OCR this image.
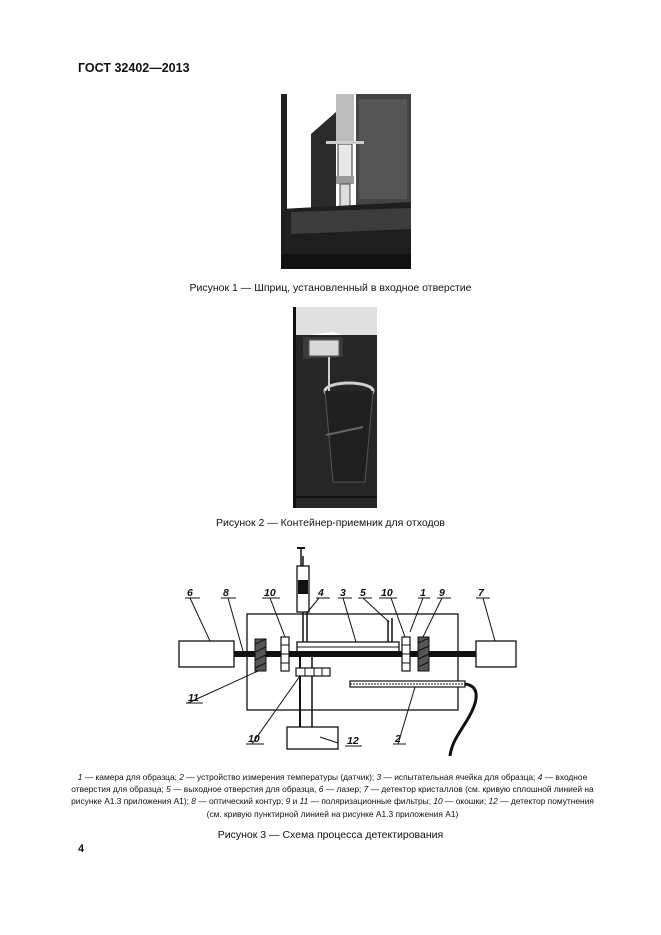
ГОСТ 32402—2013
Рисунок 1 — Шприц, установленный в входное отверстие
Рисунок 2 — Контейнер-приемник для отходов
6	8	10	4 3 5 10	1 9	7
11
10	12	2
1 — камера для образца; 2 — устройство измерения температуры (датчик); 3 — испытательная ячейка для образца; 4 — входное отверстия для образца; 5 — выходное отверстия для образца, 6 — лазер; 7 — детектор кристаллов (см. кривую сплошной линией на рисунке А1.3 приложения А1); 8 — оптический контур; 9 и 11 — поляризационные фильтры; 10 — окошки; 12 — детектор помутнения (см. кривую пунктирной линией на рисунке А1.3 приложения А1)
Рисунок 3 — Схема процесса детектирования
4
